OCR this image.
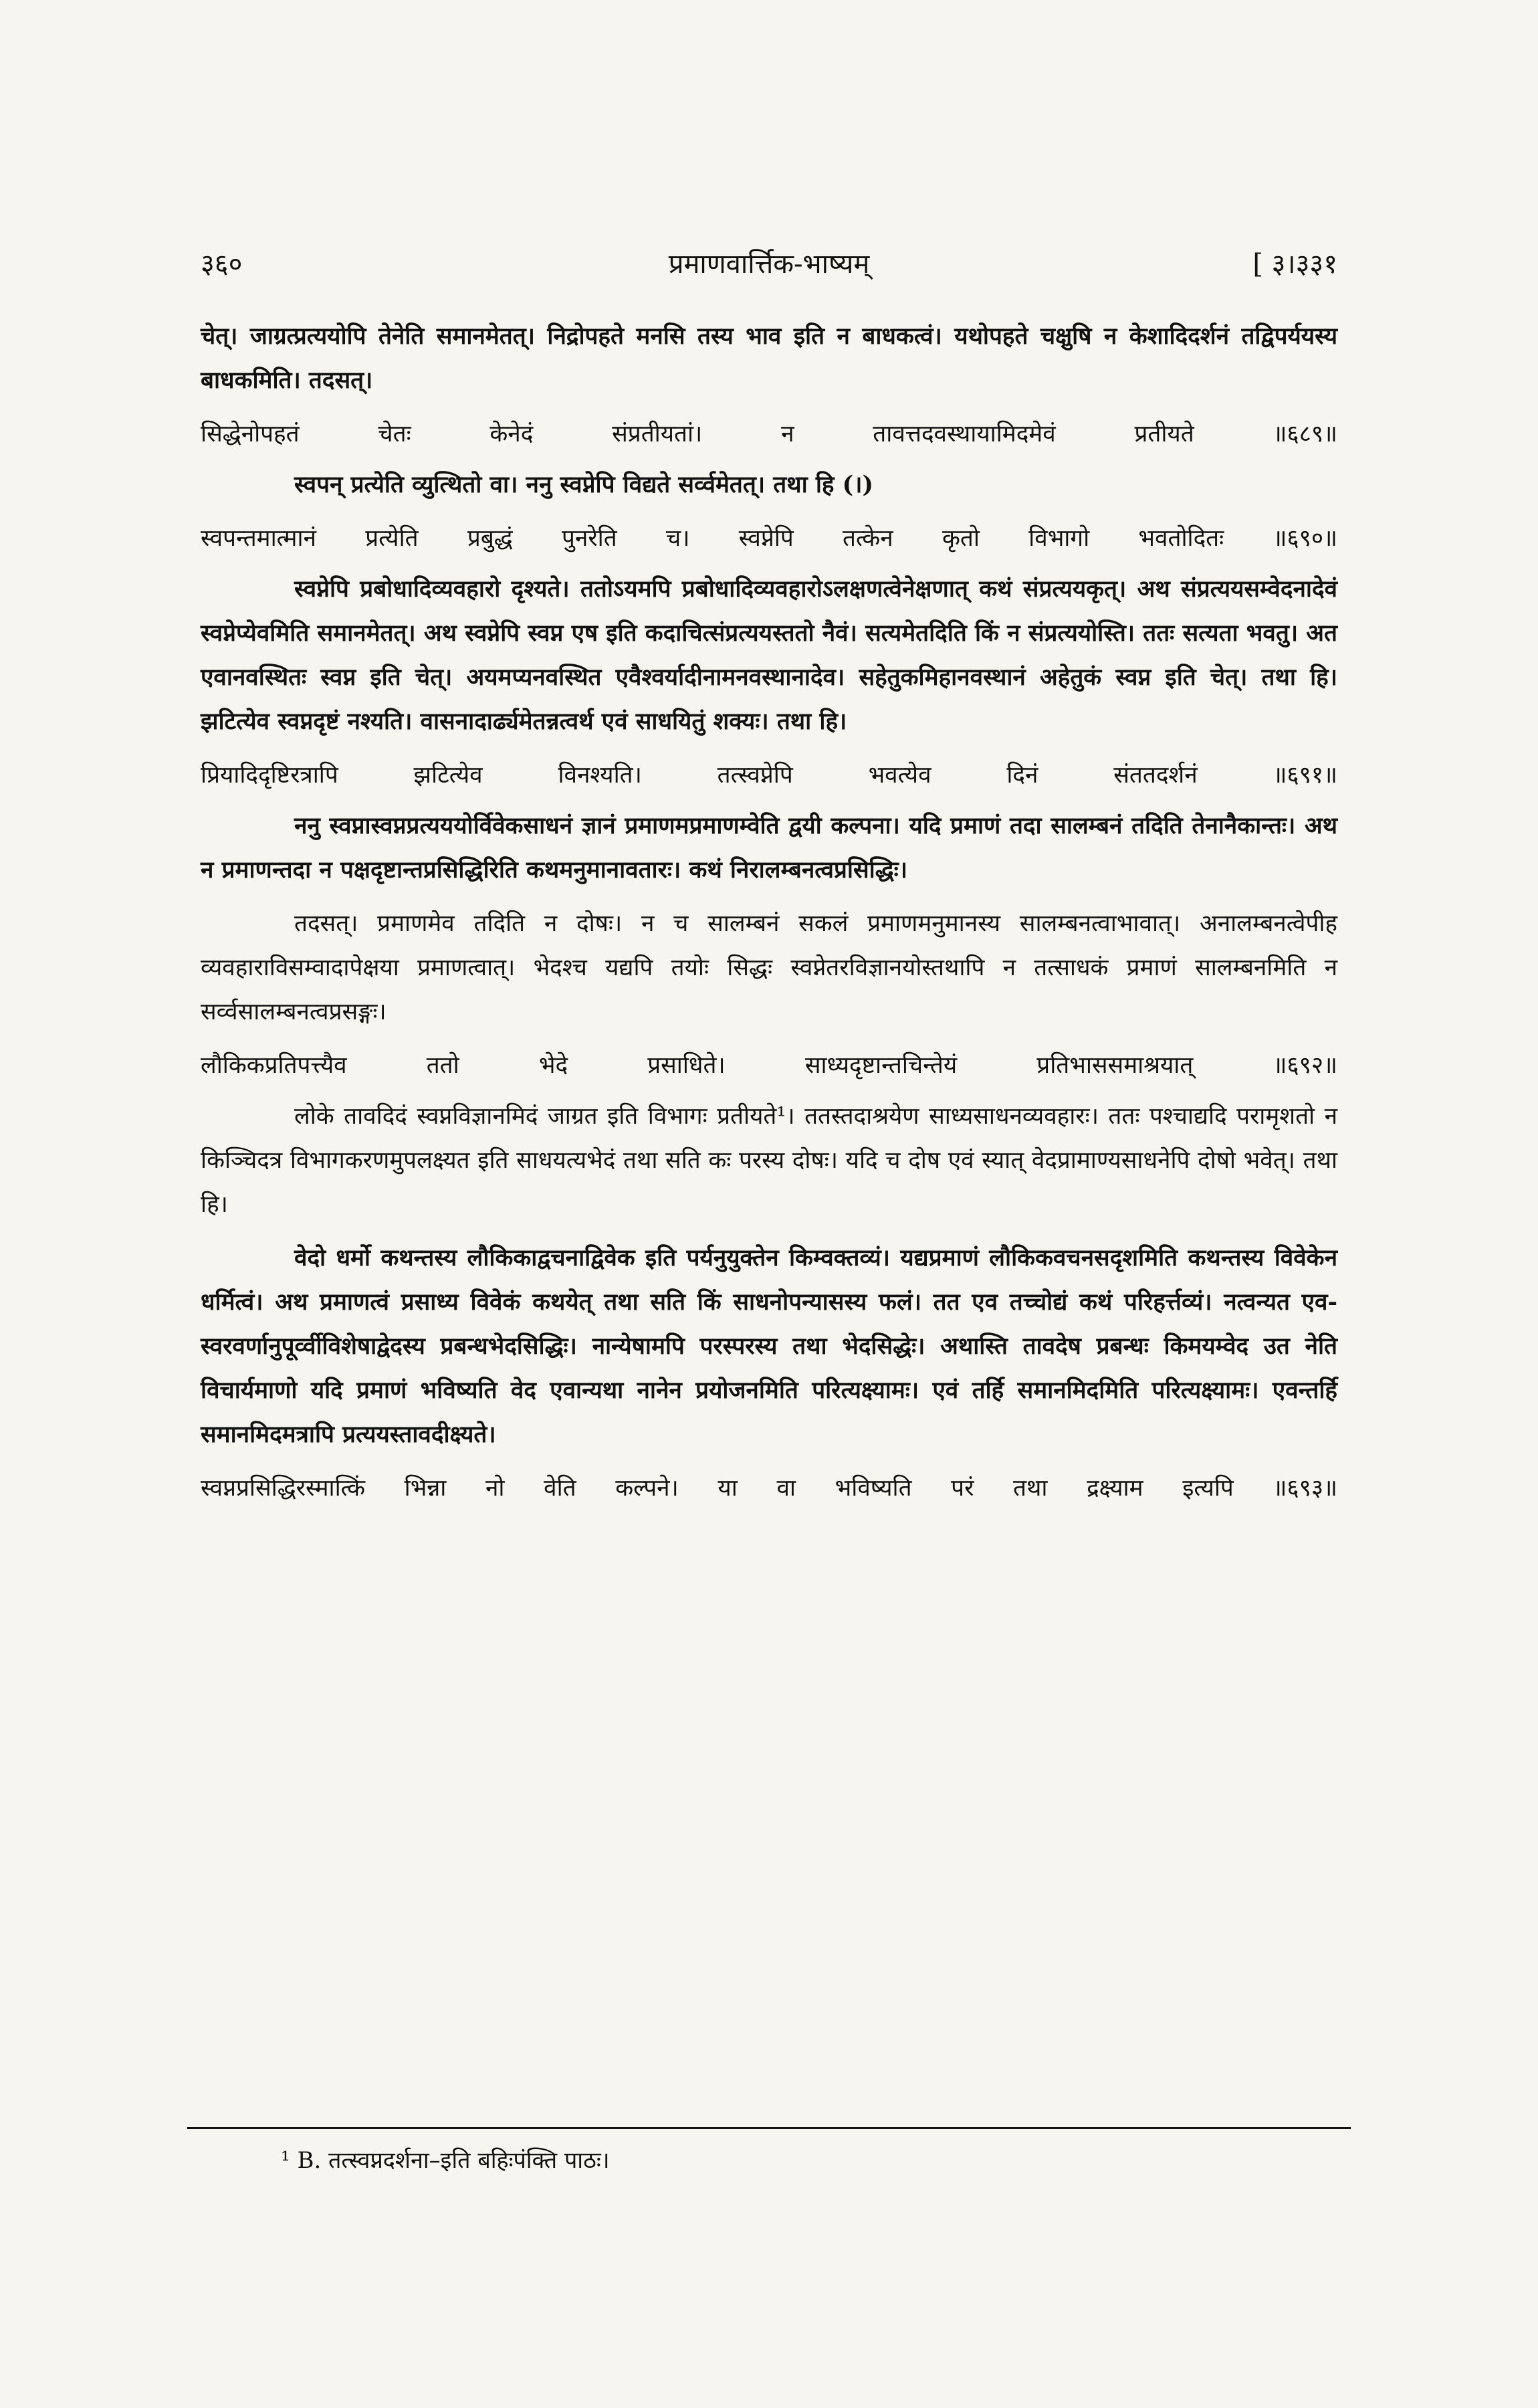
३६०	प्रमाणवार्त्तिक-भाष्यम्	[ ३।३३१
चेत्। जाग्रत्प्रत्ययोपि तेनेति समानमेतत्। निद्रोपहते मनसि तस्य भाव इति न बाधकत्वं। यथोपहते चक्षुषि न केशादिदर्शनं तद्विपर्ययस्य बाधकमिति। तदसत्।
सिद्धेनोपहतं चेतः केनेदं संप्रतीयतां। न तावत्तदवस्थायामिदमेवं प्रतीयते ॥६८९॥
स्वपन् प्रत्येति व्युत्थितो वा। ननु स्वप्नेपि विद्यते सर्व्वमेतत्। तथा हि (।)
स्वपन्तमात्मानं प्रत्येति प्रबुद्धं पुनरेति च। स्वप्नेपि तत्केन कृतो विभागो भवतोदितः ॥६९०॥
स्वप्नेपि प्रबोधादिव्यवहारो दृश्यते। ततोऽयमपि प्रबोधादिव्यवहारोऽलक्षणत्वेनेक्षणात् कथं संप्रत्ययकृत्। अथ संप्रत्ययसम्वेदनादेवं स्वप्नेप्येवमिति समानमेतत्। अथ स्वप्नेपि स्वप्न एष इति कदाचित्संप्रत्ययस्ततो नैवं। सत्यमेतदिति किं न संप्रत्ययोस्ति। ततः सत्यता भवतु। अत एवानवस्थितः स्वप्न इति चेत्। अयमप्यनवस्थित एवैश्वर्यादीनामनवस्थानादेव। सहेतुकमिहानवस्थानं अहेतुकं स्वप्न इति चेत्। तथा हि। झटित्येव स्वप्नदृष्टं नश्यति। वासनादार्ढ्यमेतन्नत्वर्थ एवं साधयितुं शक्यः। तथा हि।
प्रियादिदृष्टिरत्रापि झटित्येव विनश्यति। तत्स्वप्नेपि भवत्येव दिनं संततदर्शनं ॥६९१॥
ननु स्वप्नास्वप्नप्रत्यययोर्विवेकसाधनं ज्ञानं प्रमाणमप्रमाणम्वेति द्वयी कल्पना। यदि प्रमाणं तदा सालम्बनं तदिति तेनानैकान्तः। अथ न प्रमाणन्तदा न पक्षदृष्टान्तप्रसिद्धिरिति कथमनुमानावतारः। कथं निरालम्बनत्वप्रसिद्धिः।
तदसत्। प्रमाणमेव तदिति न दोषः। न च सालम्बनं सकलं प्रमाणमनुमानस्य सालम्बनत्वाभावात्। अनालम्बनत्वेपीह व्यवहाराविसम्वादापेक्षया प्रमाणत्वात्। भेदश्च यद्यपि तयोः सिद्धः स्वप्नेतरविज्ञानयोस्तथापि न तत्साधकं प्रमाणं सालम्बनमिति न सर्व्वसालम्बनत्वप्रसङ्गः।
लौकिकप्रतिपत्त्यैव ततो भेदे प्रसाधिते। साध्यदृष्टान्तचिन्तेयं प्रतिभाससमाश्रयात् ॥६९२॥
लोके तावदिदं स्वप्नविज्ञानमिदं जाग्रत इति विभागः प्रतीयते¹। ततस्तदाश्रयेण साध्यसाधनव्यवहारः। ततः पश्चाद्यदि परामृशतो न किञ्चिदत्र विभागकरणमुपलक्ष्यत इति साधयत्यभेदं तथा सति कः परस्य दोषः। यदि च दोष एवं स्यात् वेदप्रामाण्यसाधनेपि दोषो भवेत्। तथा हि।
वेदो धर्मो कथन्तस्य लौकिकाद्वचनाद्विवेक इति पर्यनुयुक्तेन किम्वक्तव्यं। यद्यप्रमाणं लौकिकवचनसदृशमिति कथन्तस्य विवेकेन धर्मित्वं। अथ प्रमाणत्वं प्रसाध्य विवेकं कथयेत् तथा सति किं साधनोपन्यासस्य फलं। तत एव तच्चोद्यं कथं परिहर्त्तव्यं। नत्वन्यत एव-स्वरवर्णानुपूर्व्वीविशेषाद्वेदस्य प्रबन्धभेदसिद्धिः। नान्येषामपि परस्परस्य तथा भेदसिद्धेः। अथास्ति तावदेष प्रबन्धः किमयम्वेद उत नेति विचार्यमाणो यदि प्रमाणं भविष्यति वेद एवान्यथा नानेन प्रयोजनमिति परित्यक्ष्यामः। एवं तर्हि समानमिदमिति परित्यक्ष्यामः। एवन्तर्हि समानमिदमत्रापि प्रत्ययस्तावदीक्ष्यते।
स्वप्नप्रसिद्धिरस्मात्किं भिन्ना नो वेति कल्पने। या वा भविष्यति परं तथा द्रक्ष्याम इत्यपि ॥६९३॥
¹ B. तत्स्वप्नदर्शना–इति बहिःपंक्ति पाठः।
